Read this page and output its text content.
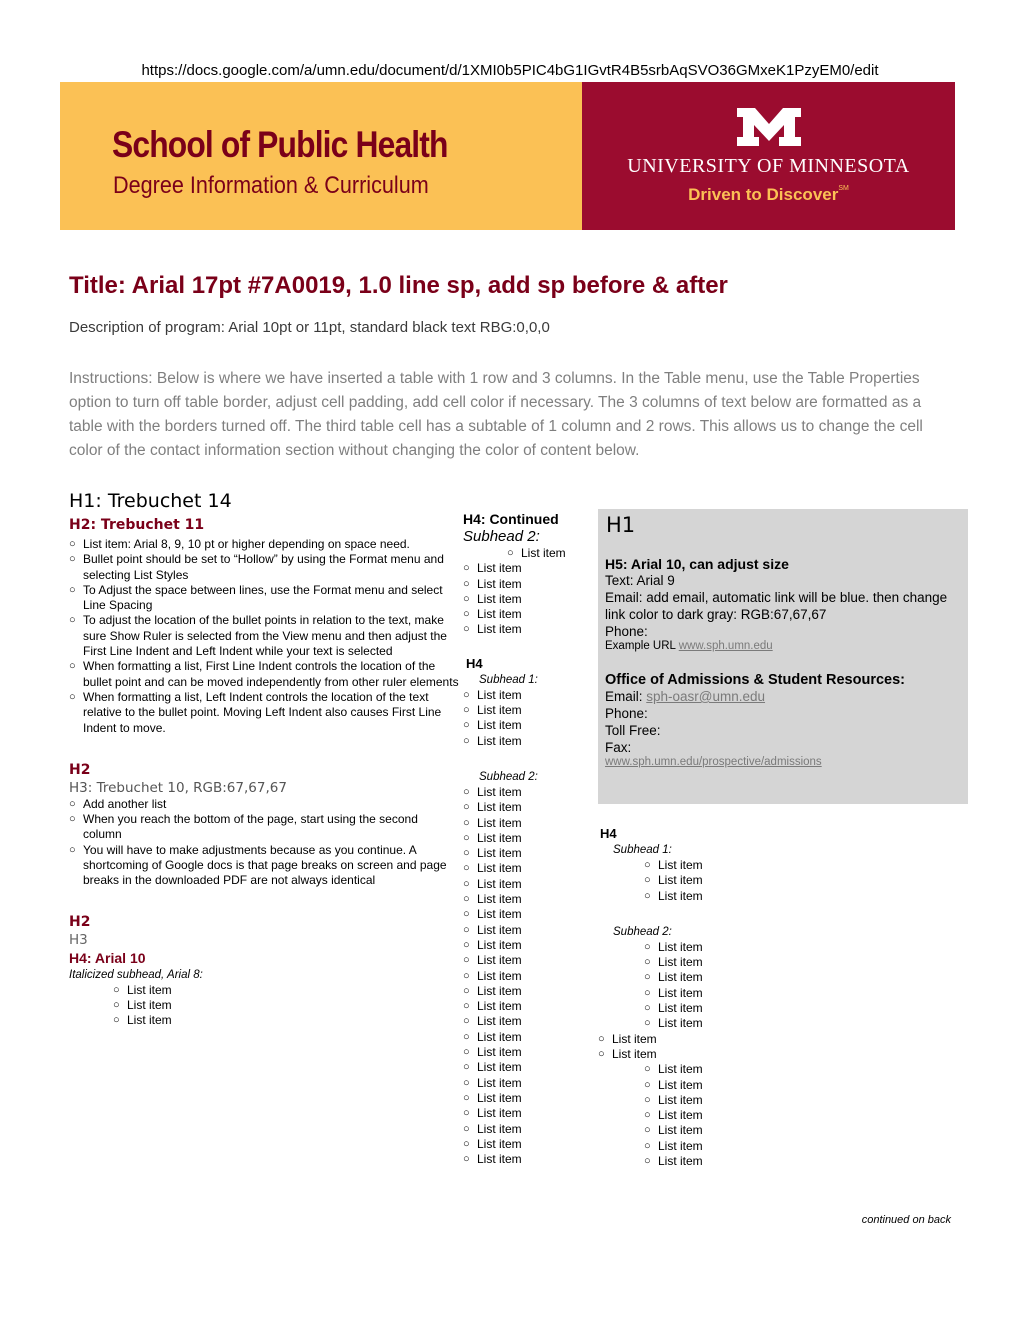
https://docs.google.com/a/umn.edu/document/d/1XMI0b5PIC4bG1IGvtR4B5srbAqSVO36GMxeK1PzyEM0/edit
School of Public Health
Degree Information & Curriculum
UNIVERSITY OF MINNESOTA
Driven to Discover℠
Title: Arial 17pt #7A0019, 1.0 line sp, add sp before & after
Description of program: Arial 10pt or 11pt, standard black text RBG:0,0,0
Instructions: Below is where we have inserted a table with 1 row and 3 columns. In the Table menu, use the Table Properties option to turn off table border, adjust cell padding, add cell color if necessary. The 3 columns of text below are formatted as a table with the borders turned off. The third table cell has a subtable of 1 column and 2 rows. This allows us to change the cell color of the contact information section without changing the color of content below.
H1: Trebuchet 14
H2: Trebuchet 11
○ List item: Arial 8, 9, 10 pt or higher depending on space need.
○ Bullet point should be set to “Hollow” by using the Format menu and selecting List Styles
○ To Adjust the space between lines, use the Format menu and select Line Spacing
○ To adjust the location of the bullet points in relation to the text, make sure Show Ruler is selected from the View menu and then adjust the First Line Indent and Left Indent while your text is selected
○ When formatting a list, First Line Indent controls the location of the bullet point and can be moved independently from other ruler elements
○ When formatting a list, Left Indent controls the location of the text relative to the bullet point. Moving Left Indent also causes First Line Indent to move.
H2
H3: Trebuchet 10, RGB:67,67,67
○ Add another list
○ When you reach the bottom of the page, start using the second column
○ You will have to make adjustments because as you continue. A shortcoming of Google docs is that page breaks on screen and page breaks in the downloaded PDF are not always identical
H2
H3
H4: Arial 10
Italicized subhead, Arial 8:
○ List item
○ List item
○ List item
H4: Continued
Subhead 2:
○ List item
○ List item
○ List item
○ List item
○ List item
○ List item
H4
Subhead 1:
○ List item
○ List item
○ List item
○ List item
Subhead 2:
○ List item
○ List item
○ List item
○ List item
○ List item
○ List item
○ List item
○ List item
○ List item
○ List item
○ List item
○ List item
○ List item
○ List item
○ List item
○ List item
○ List item
○ List item
○ List item
○ List item
○ List item
○ List item
○ List item
○ List item
○ List item
H1
H5: Arial 10, can adjust size
Text: Arial 9
Email: add email, automatic link will be blue. then change link color to dark gray: RGB:67,67,67
Phone:
Example URL www.sph.umn.edu
Office of Admissions & Student Resources:
Email: sph-oasr@umn.edu
Phone:
Toll Free:
Fax:
www.sph.umn.edu/prospective/admissions
H4
Subhead 1:
○ List item
○ List item
○ List item
Subhead 2:
○ List item
○ List item
○ List item
○ List item
○ List item
○ List item
○ List item
○ List item
○ List item
○ List item
○ List item
○ List item
○ List item
○ List item
○ List item
continued on back
